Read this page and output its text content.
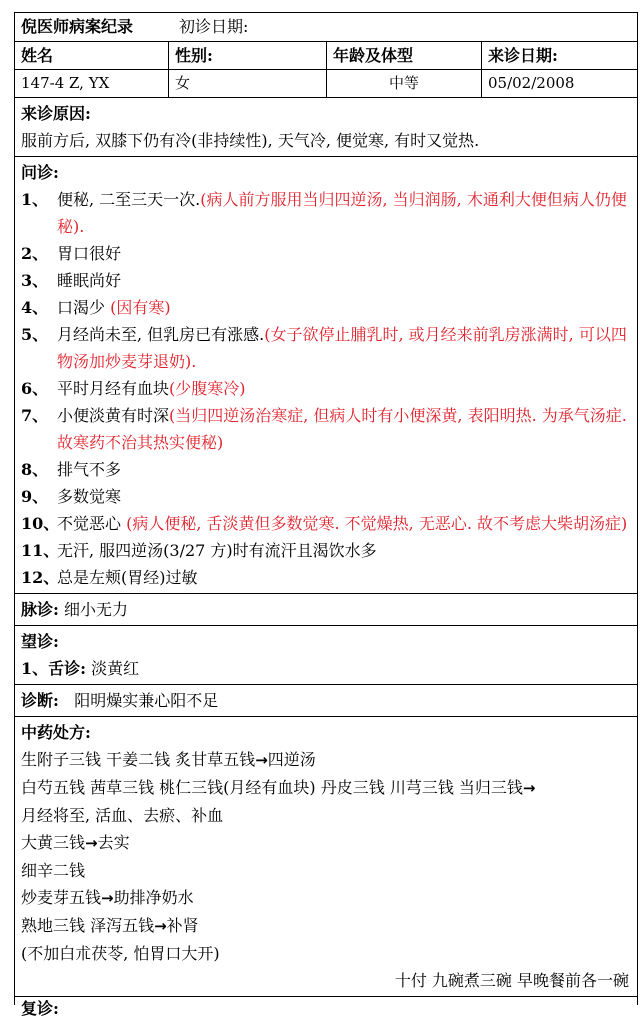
倪医师病案纪录	初诊日期:
姓名	性别:	年龄及体型	来诊日期:
147-4 Z, YX	女	中等	05/02/2008
来诊原因:
服前方后, 双膝下仍有冷(非持续性), 天气冷, 便觉寒, 有时又觉热.
问诊:
1、 便秘, 二至三天一次.(病人前方服用当归四逆汤, 当归润肠, 木通利大便但病人仍便秘).
2、 胃口很好
3、 睡眠尚好
4、 口渴少 (因有寒)
5、 月经尚未至, 但乳房已有涨感.(女子欲停止脯乳时, 或月经来前乳房涨满时, 可以四物汤加炒麦芽退奶).
6、 平时月经有血块(少腹寒冷)
7、 小便淡黄有时深(当归四逆汤治寒症, 但病人时有小便深黄, 表阳明热. 为承气汤症. 故寒药不治其热实便秘)
8、 排气不多
9、 多数觉寒
10、
不觉恶心 (病人便秘, 舌淡黄但多数觉寒. 不觉燥热, 无恶心. 故不考虑大柴胡汤症)
11、
无汗, 服四逆汤(3/27 方)时有流汗且渴饮水多
12、
总是左颊(胃经)过敏
脉诊: 细小无力
望诊:
1、舌诊: 淡黄红
诊断: 阳明燥实兼心阳不足
中药处方:
生附子三钱 干姜二钱 炙甘草五钱→四逆汤
白芍五钱 茜草三钱 桃仁三钱(月经有血块) 丹皮三钱 川芎三钱 当归三钱→
月经将至, 活血、去瘀、补血
大黄三钱→去实
细辛二钱
炒麦芽五钱→助排净奶水
熟地三钱 泽泻五钱→补肾
(不加白朮茯苓, 怕胃口大开)
十付 九碗煮三碗 早晚餐前各一碗
复诊:
